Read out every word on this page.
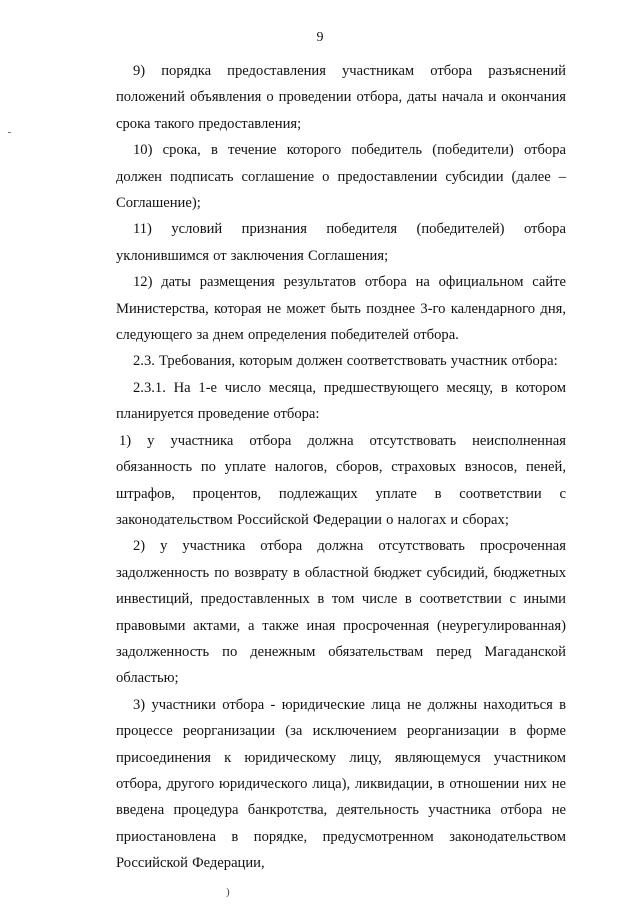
9

9) порядка предоставления участникам отбора разъяснений положений объявления о проведении отбора, даты начала и окончания срока такого предоставления;

10) срока, в течение которого победитель (победители) отбора должен подписать соглашение о предоставлении субсидии (далее – Соглашение);

11) условий признания победителя (победителей) отбора
уклонившимся от заключения Соглашения;

12) даты размещения результатов отбора на официальном сайте Министерства, которая не может быть позднее 3-го календарного дня, следующего за днем определения победителей отбора.

2.3. Требования, которым должен соответствовать участник отбора:

2.3.1. На 1-е число месяца, предшествующего месяцу, в котором планируется проведение отбора:

1) у участника отбора должна отсутствовать неисполненная обязанность по уплате налогов, сборов, страховых взносов, пеней, штрафов, процентов, подлежащих уплате в соответствии с законодательством Российской Федерации о налогах и сборах;

2) у участника отбора должна отсутствовать просроченная задолженность по возврату в областной бюджет субсидий, бюджетных инвестиций, предоставленных в том числе в соответствии с иными правовыми актами, а также иная просроченная (неурегулированная) задолженность по денежным обязательствам перед Магаданской областью;

3) участники отбора - юридические лица не должны находиться в процессе реорганизации (за исключением реорганизации в форме присоединения к юридическому лицу, являющемуся участником отбора, другого юридического лица), ликвидации, в отношении них не введена процедура банкротства, деятельность участника отбора не приостановлена в порядке, предусмотренном законодательством Российской Федерации,

)
